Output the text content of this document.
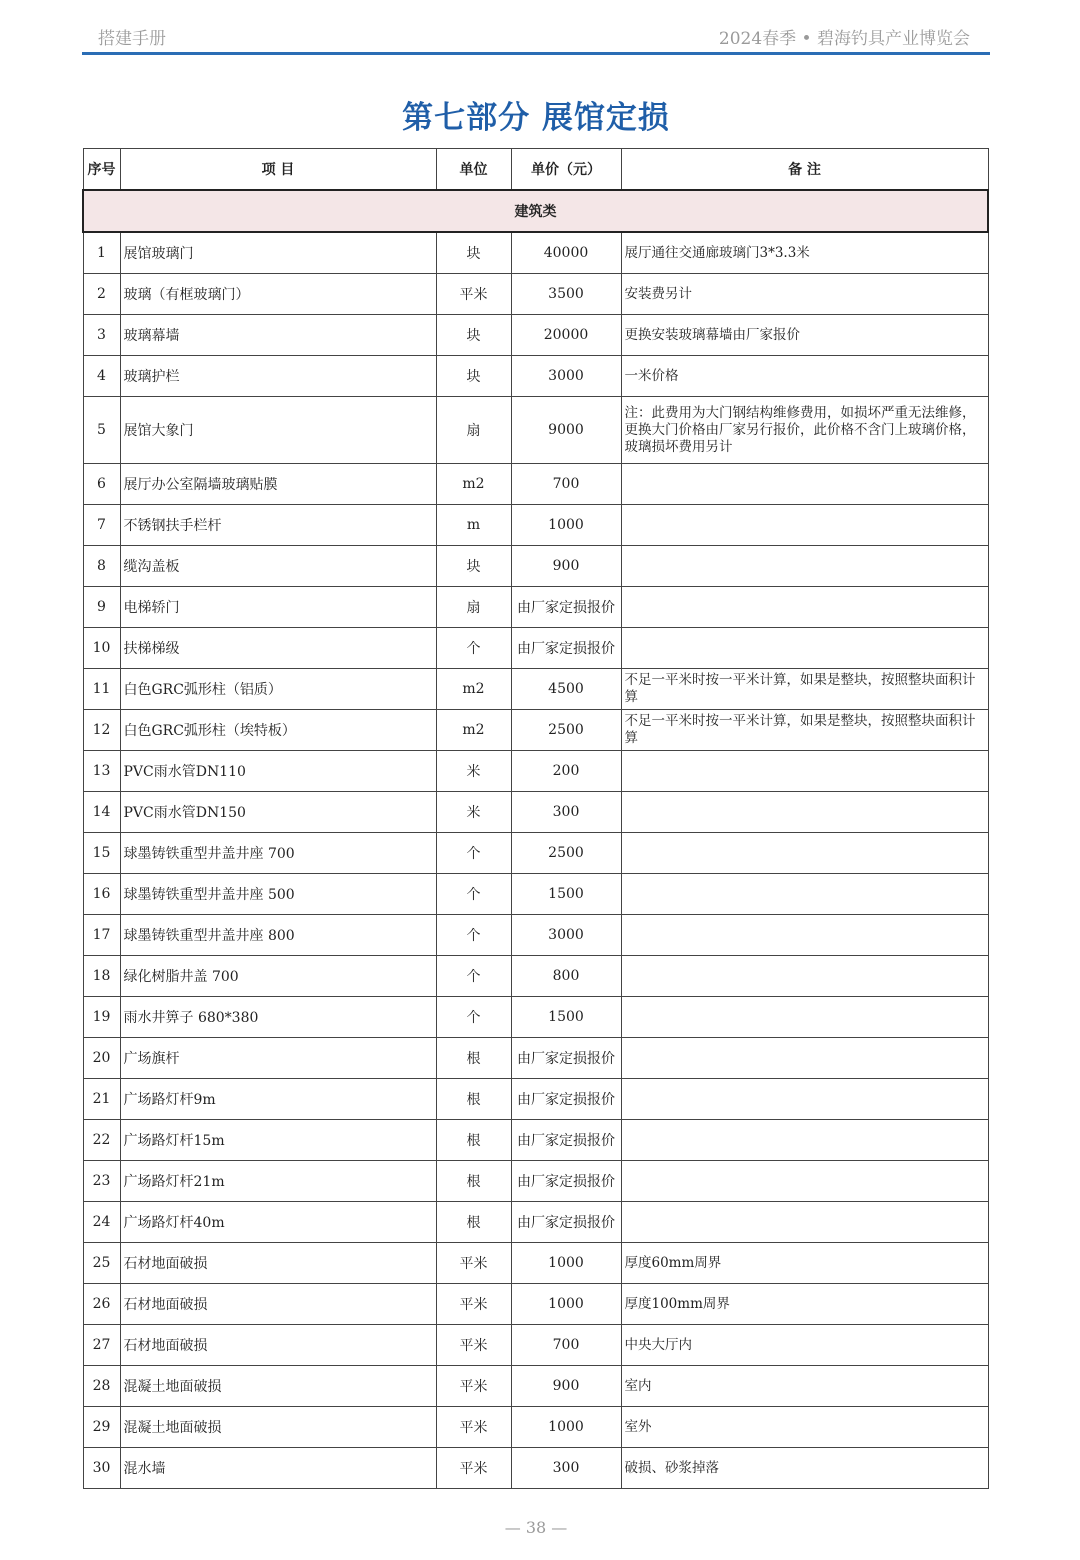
搭建手册	2024春季 • 碧海钓具产业博览会
第七部分 展馆定损
序号	项 目	单位	单价（元）	备 注
建筑类				
1	展馆玻璃门	块	40000	展厅通往交通廊玻璃门3*3.3米
2	玻璃（有框玻璃门）	平米	3500	安装费另计
3	玻璃幕墙	块	20000	更换安装玻璃幕墙由厂家报价
4	玻璃护栏	块	3000	一米价格
5	展馆大象门	扇	9000	注：此费用为大门钢结构维修费用，如损坏严重无法维修，更换大门价格由厂家另行报价，此价格不含门上玻璃价格，玻璃损坏费用另计
6	展厅办公室隔墙玻璃贴膜	m2	700	
7	不锈钢扶手栏杆	m	1000	
8	缆沟盖板	块	900	
9	电梯轿门	扇	由厂家定损报价	
10	扶梯梯级	个	由厂家定损报价	
11	白色GRC弧形柱（铝质）	m2	4500	不足一平米时按一平米计算，如果是整块，按照整块面积计算
12	白色GRC弧形柱（埃特板）	m2	2500	不足一平米时按一平米计算，如果是整块，按照整块面积计算
13	PVC雨水管DN110	米	200	
14	PVC雨水管DN150	米	300	
15	球墨铸铁重型井盖井座 700	个	2500	
16	球墨铸铁重型井盖井座 500	个	1500	
17	球墨铸铁重型井盖井座 800	个	3000	
18	绿化树脂井盖 700	个	800	
19	雨水井箅子 680*380	个	1500	
20	广场旗杆	根	由厂家定损报价	
21	广场路灯杆9m	根	由厂家定损报价	
22	广场路灯杆15m	根	由厂家定损报价	
23	广场路灯杆21m	根	由厂家定损报价	
24	广场路灯杆40m	根	由厂家定损报价	
25	石材地面破损	平米	1000	厚度60mm周界
26	石材地面破损	平米	1000	厚度100mm周界
27	石材地面破损	平米	700	中央大厅内
28	混凝土地面破损	平米	900	室内
29	混凝土地面破损	平米	1000	室外
30	混水墙	平米	300	破损、砂浆掉落
— 38 —
